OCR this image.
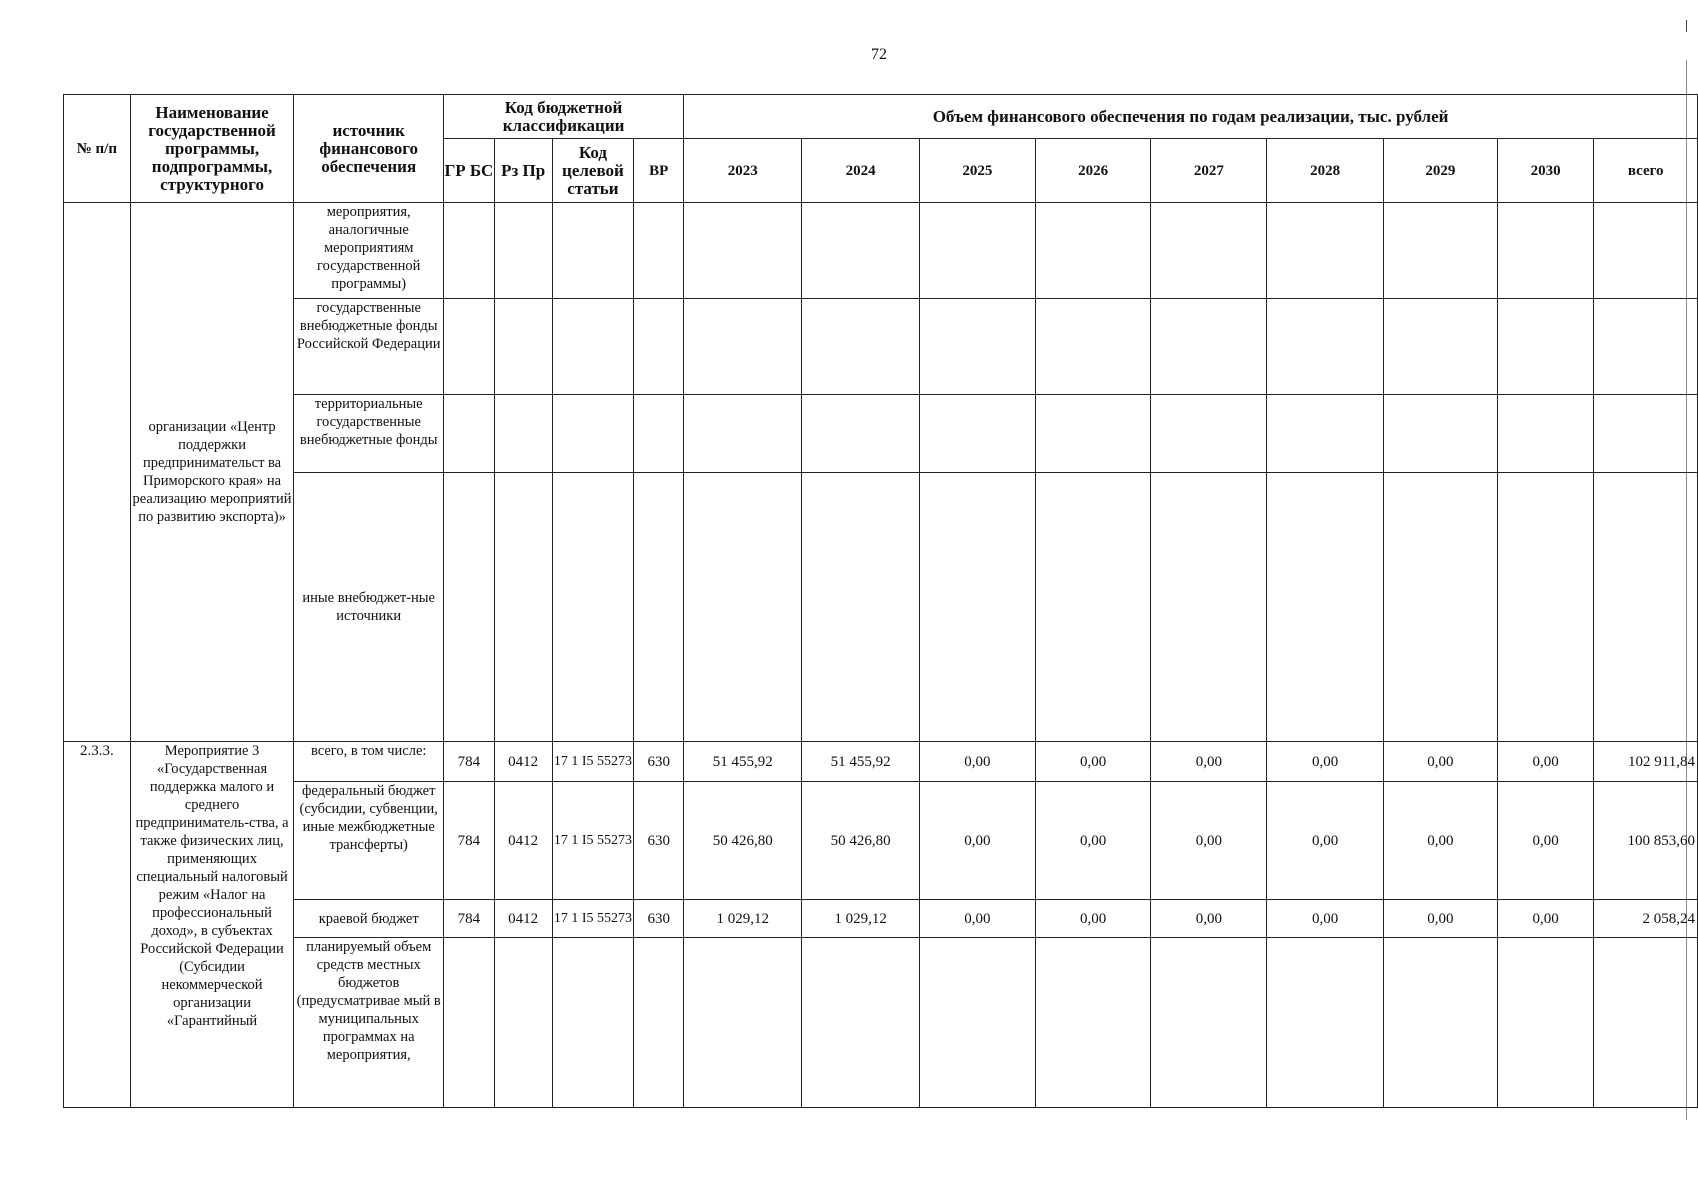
72
№ п/п	Наименование государственной программы, подпрограммы, структурного	источник финансового обеспечения	Код бюджетной классификации				Объем финансового обеспечения по годам реализации, тыс. рублей								
			ГР БС	Рз Пр	Код целевой статьи	ВР	2023	2024	2025	2026	2027	2028	2029	2030	всего
	организации «Центр поддержки предпринимательст ва Приморского края» на реализацию мероприятий по развитию экспорта)»	мероприятия, аналогичные мероприятиям государственной программы)													
		государственные внебюджетные фонды Российской Федерации													
		территориальные государственные внебюджетные фонды													
		иные внебюджет-ные источники													
2.3.3.	Мероприятие 3 «Государственная поддержка малого и среднего предприниматель-ства, а также физических лиц, применяющих специальный налоговый режим «Налог на професcиональный доход», в субъектах Российской Федерации (Субсидии некоммерческой организации «Гарантийный	всего, в том числе:	784	0412	17 1 I5 55273	630	51 455,92	51 455,92	0,00	0,00	0,00	0,00	0,00	0,00	102 911,84
		федеральный бюджет (субсидии, субвенции, иные межбюджетные трансферты)	784	0412	17 1 I5 55273	630	50 426,80	50 426,80	0,00	0,00	0,00	0,00	0,00	0,00	100 853,60
		краевой бюджет	784	0412	17 1 I5 55273	630	1 029,12	1 029,12	0,00	0,00	0,00	0,00	0,00	0,00	2 058,24
		планируемый объем средств местных бюджетов (предусматривае мый в муниципальных программах на мероприятия,													
